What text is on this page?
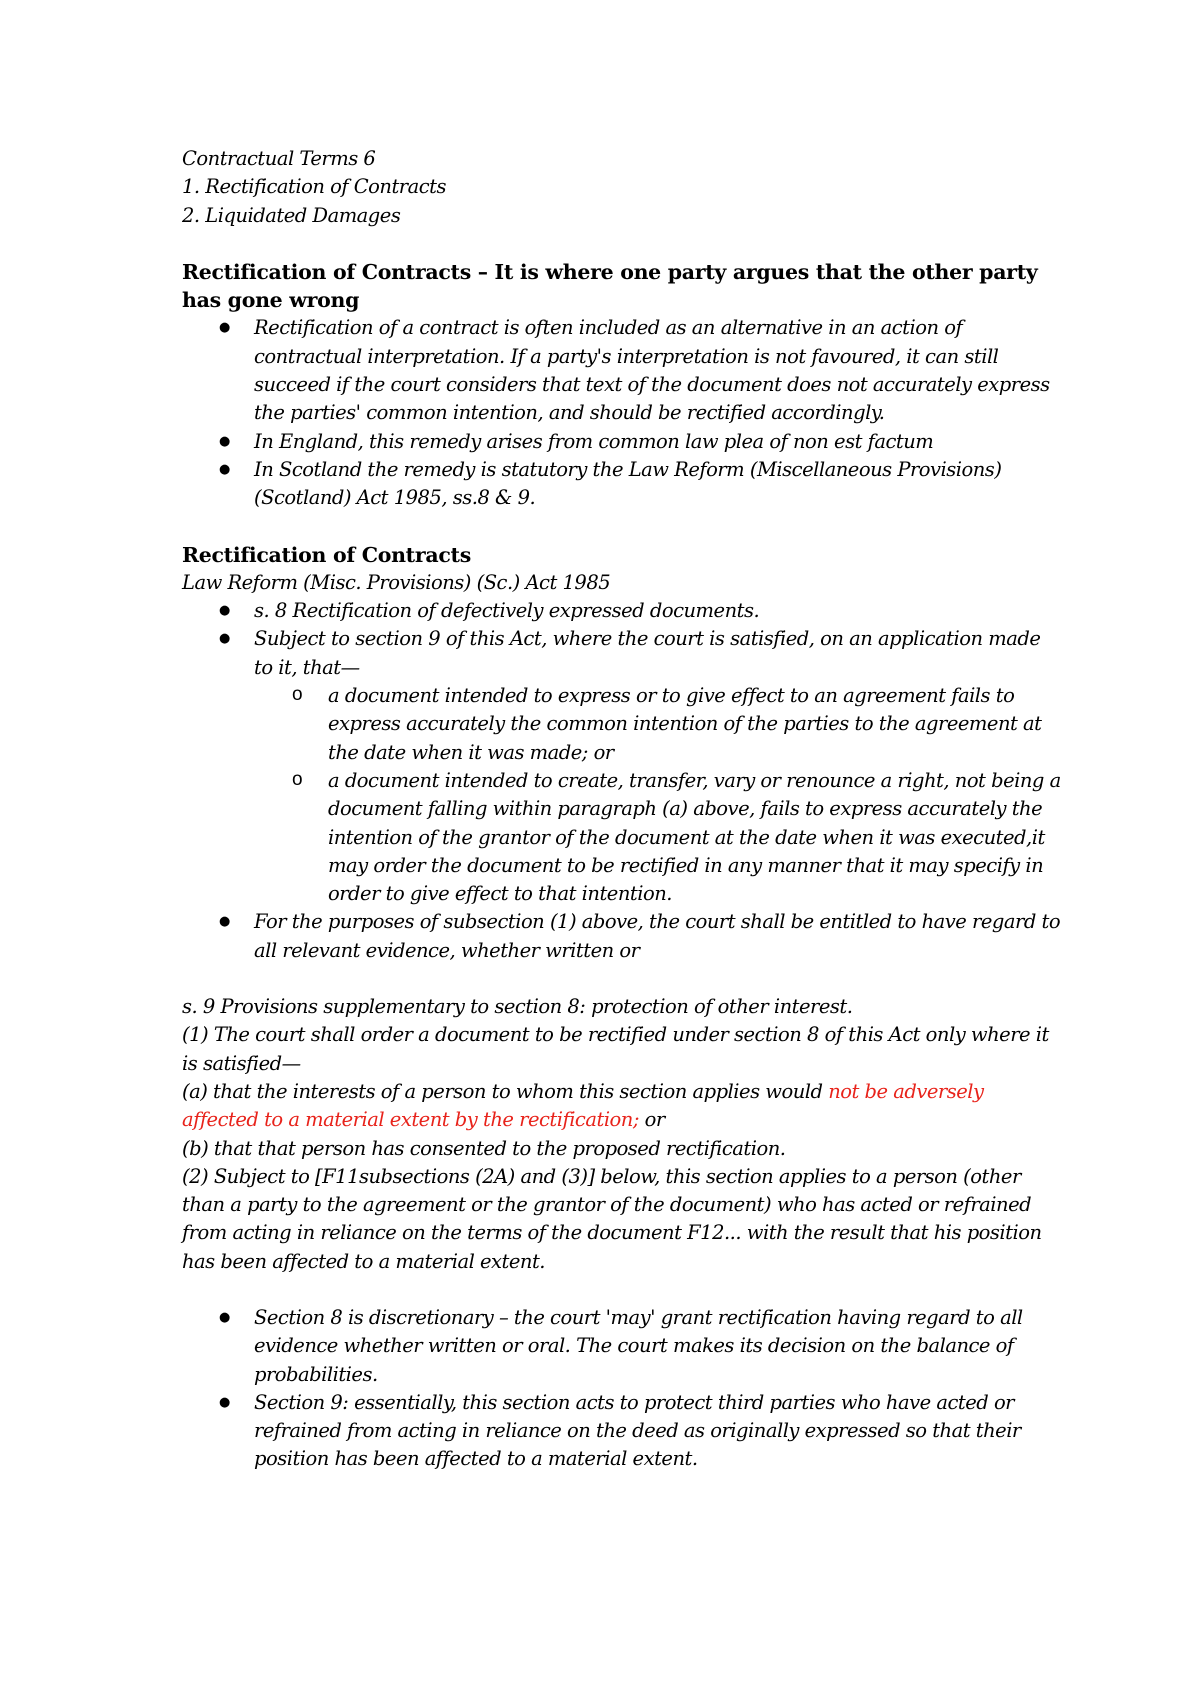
Contractual Terms 6

1. Rectification of Contracts

2. Liquidated Damages

Rectification of Contracts – It is where one party argues that the other party has gone wrong

● Rectification of a contract is often included as an alternative in an action of contractual interpretation. If a party's interpretation is not favoured, it can still succeed if the court considers that text of the document does not accurately express the parties' common intention, and should be rectified accordingly.
● In England, this remedy arises from common law plea of non est factum
● In Scotland the remedy is statutory the Law Reform (Miscellaneous Provisions) (Scotland) Act 1985, ss.8 & 9.

Rectification of Contracts

Law Reform (Misc. Provisions) (Sc.) Act 1985

● s. 8 Rectification of defectively expressed documents.
● Subject to section 9 of this Act, where the court is satisfied, on an application made to it, that—
o a document intended to express or to give effect to an agreement fails to express accurately the common intention of the parties to the agreement at the date when it was made; or
o a document intended to create, transfer, vary or renounce a right, not being a document falling within paragraph (a) above, fails to express accurately the intention of the grantor of the document at the date when it was executed,it may order the document to be rectified in any manner that it may specify in order to give effect to that intention.
● For the purposes of subsection (1) above, the court shall be entitled to have regard to all relevant evidence, whether written or

s. 9 Provisions supplementary to section 8: protection of other interest.

(1) The court shall order a document to be rectified under section 8 of this Act only where it is satisfied—

(a) that the interests of a person to whom this section applies would not be adversely affected to a material extent by the rectification; or

(b) that that person has consented to the proposed rectification.

(2) Subject to [F11subsections (2A) and (3)] below, this section applies to a person (other than a party to the agreement or the grantor of the document) who has acted or refrained from acting in reliance on the terms of the document F12... with the result that his position has been affected to a material extent.

● Section 8 is discretionary – the court 'may' grant rectification having regard to all evidence whether written or oral. The court makes its decision on the balance of probabilities.
● Section 9: essentially, this section acts to protect third parties who have acted or refrained from acting in reliance on the deed as originally expressed so that their position has been affected to a material extent.
